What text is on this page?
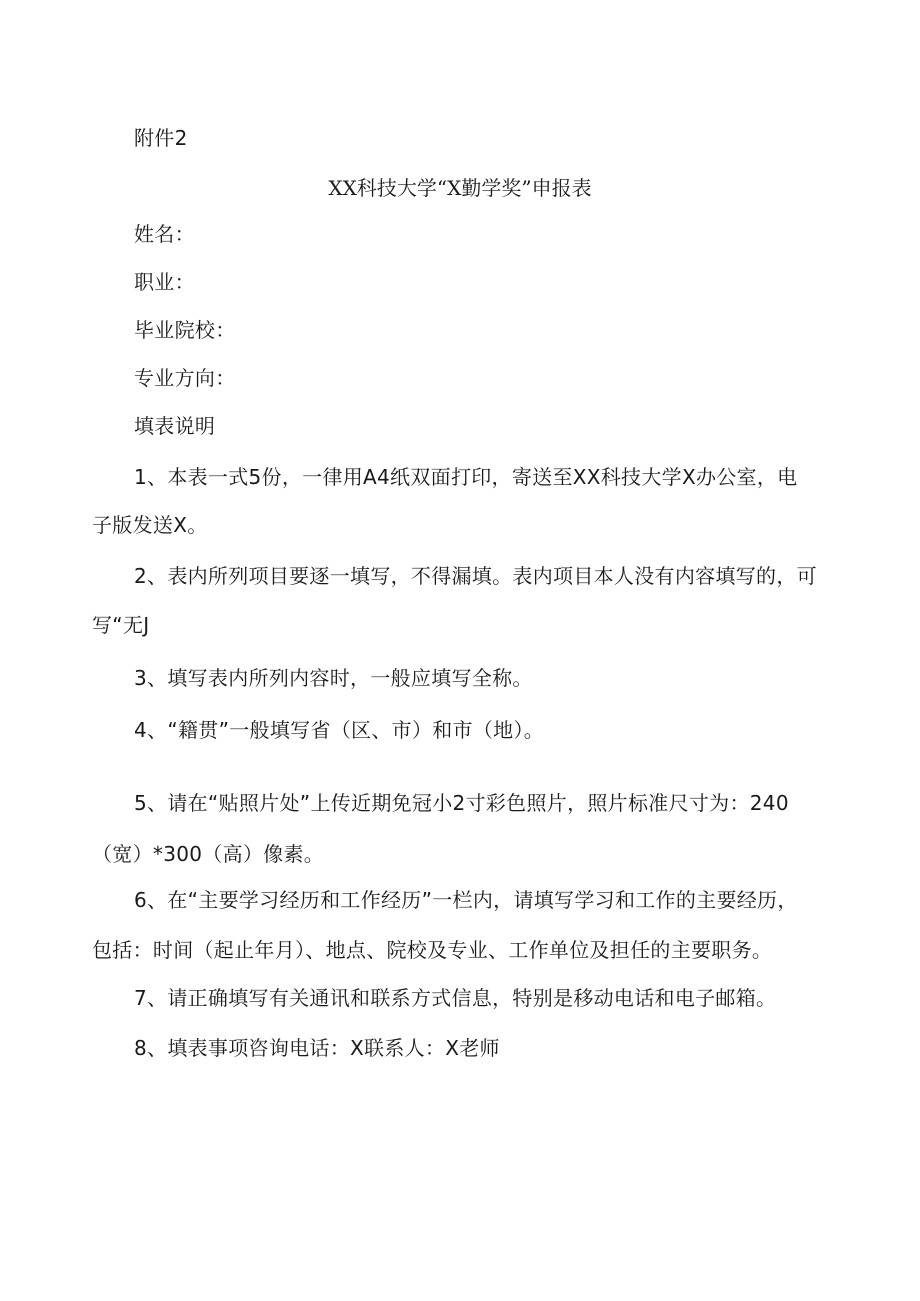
附件2
XX科技大学“X勤学奖”申报表
姓名：
职业：
毕业院校：
专业方向：
填表说明
1、本表一式5份，一律用A4纸双面打印，寄送至XX科技大学X办公室，电
子版发送X。
2、表内所列项目要逐一填写，不得漏填。表内项目本人没有内容填写的，可
写“无J
3、填写表内所列内容时，一般应填写全称。
4、“籍贯”一般填写省（区、市）和市（地）。
5、请在“贴照片处”上传近期免冠小2寸彩色照片，照片标准尺寸为：240
（宽）*300（高）像素。
6、在“主要学习经历和工作经历”一栏内，请填写学习和工作的主要经历，
包括：时间（起止年月）、地点、院校及专业、工作单位及担任的主要职务。
7、请正确填写有关通讯和联系方式信息，特别是移动电话和电子邮箱。
8、填表事项咨询电话：X联系人：X老师
